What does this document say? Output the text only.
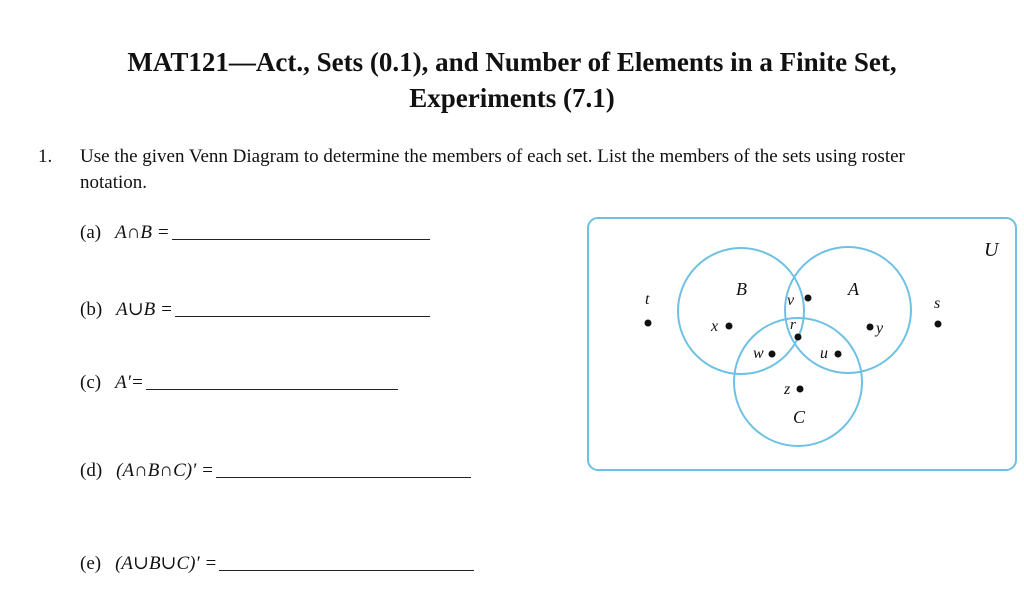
MAT121—Act., Sets (0.1), and Number of Elements in a Finite Set,
Experiments (7.1)
1. Use the given Venn Diagram to determine the members of each set. List the members of the sets using roster notation.
(a) A∩B =
(b) A∪B =
(c) A′=
(d) (A∩B∩C)′ =
(e) (A∪B∪C)′ =
U
B	A
C
t	s
x
v
r	y
w	u
z
